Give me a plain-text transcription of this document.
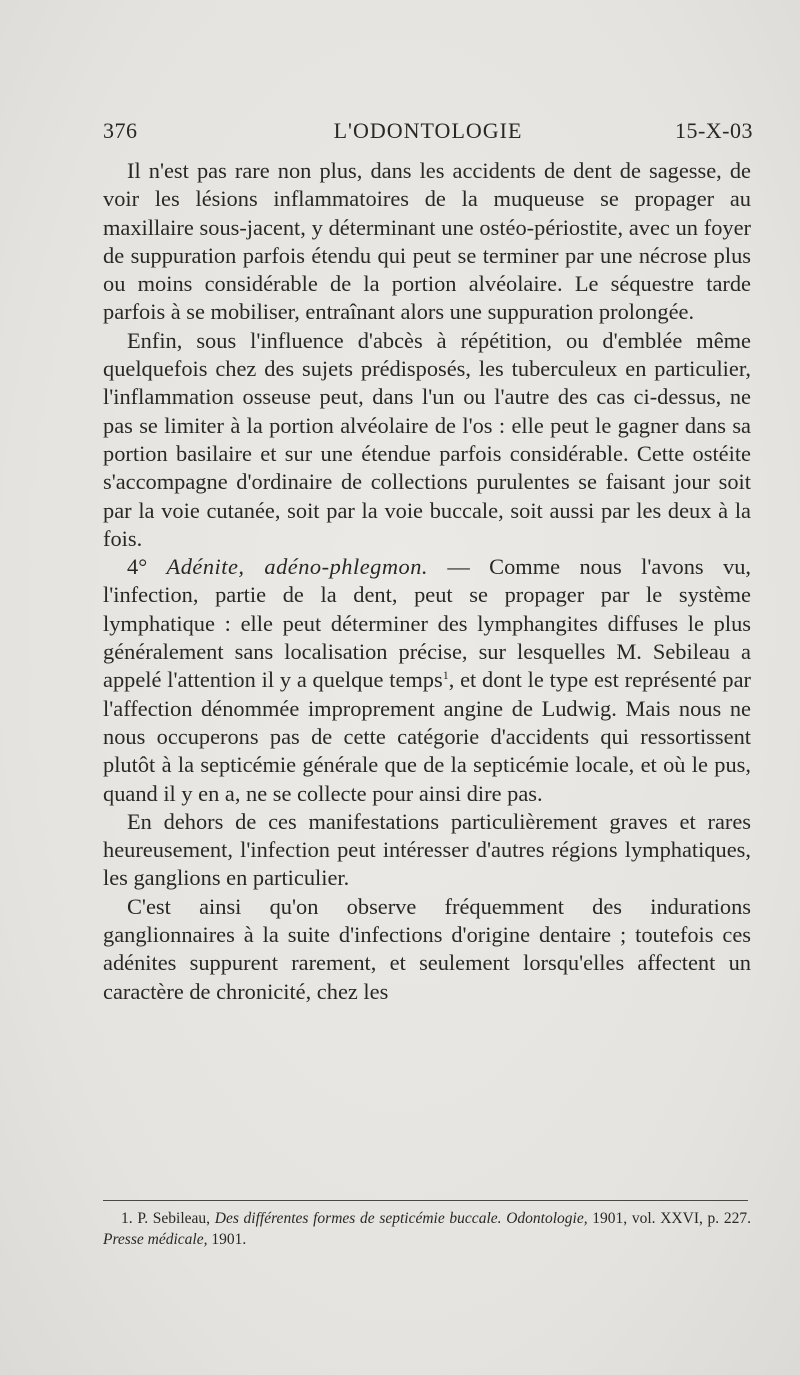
376	L'ODONTOLOGIE	15-X-03

Il n'est pas rare non plus, dans les accidents de dent de sagesse, de voir les lésions inflammatoires de la muqueuse se propager au maxillaire sous-jacent, y déterminant une ostéo-périostite, avec un foyer de suppuration parfois étendu qui peut se terminer par une nécrose plus ou moins considérable de la portion alvéolaire. Le séquestre tarde parfois à se mobiliser, entraînant alors une suppuration prolongée.

Enfin, sous l'influence d'abcès à répétition, ou d'emblée même quelquefois chez des sujets prédisposés, les tuberculeux en particulier, l'inflammation osseuse peut, dans l'un ou l'autre des cas ci-dessus, ne pas se limiter à la portion alvéolaire de l'os : elle peut le gagner dans sa portion basilaire et sur une étendue parfois considérable. Cette ostéite s'accompagne d'ordinaire de collections purulentes se faisant jour soit par la voie cutanée, soit par la voie buccale, soit aussi par les deux à la fois.

4° Adénite, adéno-phlegmon. — Comme nous l'avons vu, l'infection, partie de la dent, peut se propager par le système lymphatique : elle peut déterminer des lymphangites diffuses le plus généralement sans localisation précise, sur lesquelles M. Sebileau a appelé l'attention il y a quelque temps$^1$, et dont le type est représenté par l'affection dénommée improprement angine de Ludwig. Mais nous ne nous occuperons pas de cette catégorie d'accidents qui ressortissent plutôt à la septicémie générale que de la septicémie locale, et où le pus, quand il y en a, ne se collecte pour ainsi dire pas.

En dehors de ces manifestations particulièrement graves et rares heureusement, l'infection peut intéresser d'autres régions lymphatiques, les ganglions en particulier.

C'est ainsi qu'on observe fréquemment des indurations ganglionnaires à la suite d'infections d'origine dentaire ; toutefois ces adénites suppurent rarement, et seulement lorsqu'elles affectent un caractère de chronicité, chez les

1. P. Sebileau, Des différentes formes de septicémie buccale. Odontologie, 1901, vol. XXVI, p. 227. Presse médicale, 1901.
